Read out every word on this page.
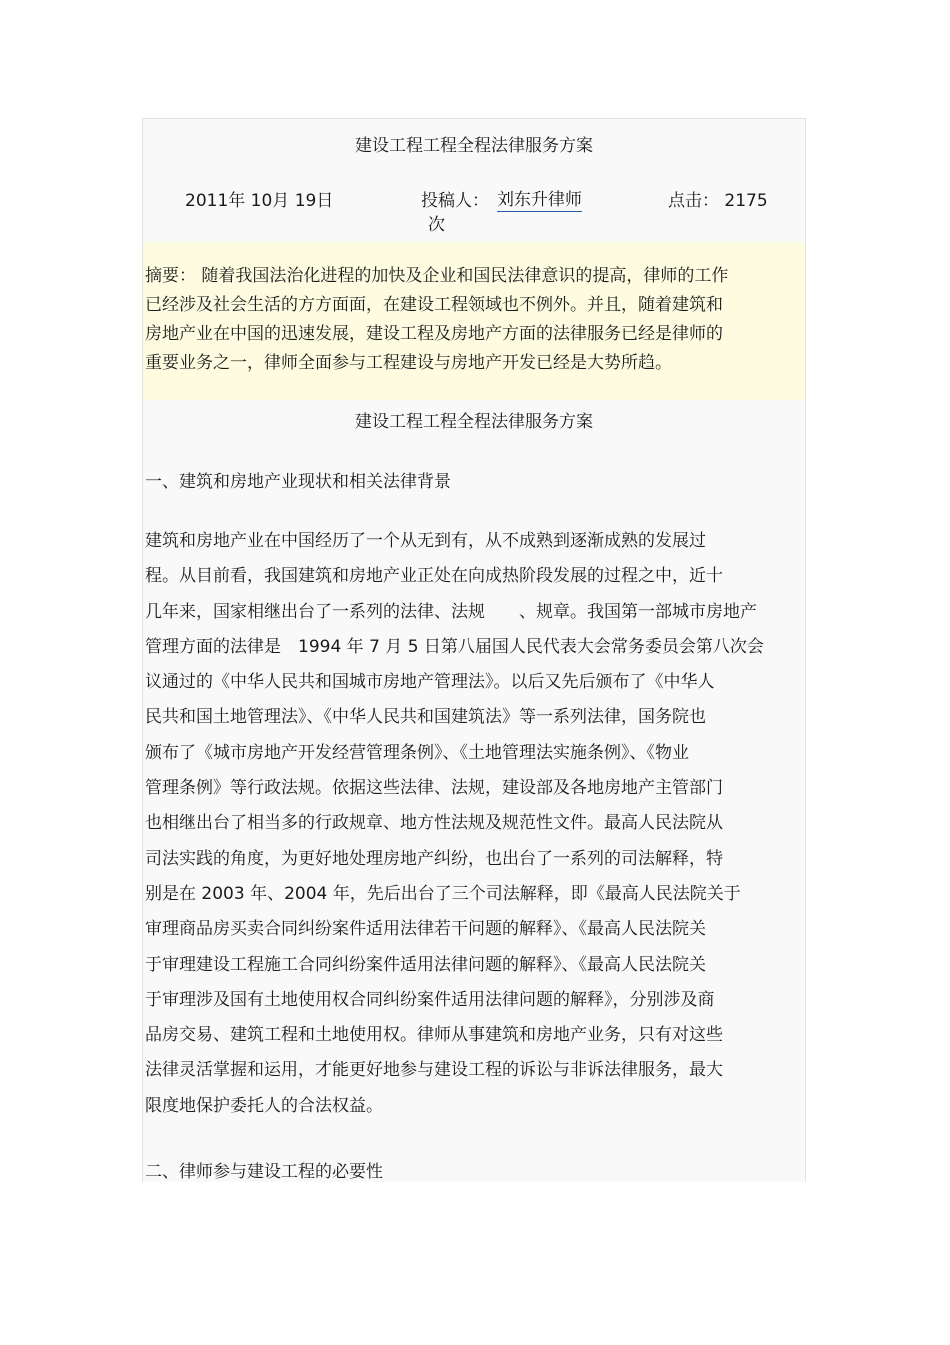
建设工程工程全程法律服务方案
2011年 10月 19日	投稿人： 刘东升律师	点击： 2175
次
摘要： 随着我国法治化进程的加快及企业和国民法律意识的提高，律师的工作
已经涉及社会生活的方方面面，在建设工程领域也不例外。并且，随着建筑和
房地产业在中国的迅速发展，建设工程及房地产方面的法律服务已经是律师的
重要业务之一，律师全面参与工程建设与房地产开发已经是大势所趋。
建设工程工程全程法律服务方案
一、建筑和房地产业现状和相关法律背景
建筑和房地产业在中国经历了一个从无到有，从不成熟到逐渐成熟的发展过
程。从目前看，我国建筑和房地产业正处在向成热阶段发展的过程之中，近十
几年来，国家相继出台了一系列的法律、法规　　、规章。我国第一部城市房地产
管理方面的法律是　1994 年 7 月 5 日第八届国人民代表大会常务委员会第八次会
议通过的《中华人民共和国城市房地产管理法》。以后又先后颁布了《中华人
民共和国土地管理法》、《中华人民共和国建筑法》等一系列法律，国务院也
颁布了《城市房地产开发经营管理条例》、《土地管理法实施条例》、《物业
管理条例》等行政法规。依据这些法律、法规，建设部及各地房地产主管部门
也相继出台了相当多的行政规章、地方性法规及规范性文件。最高人民法院从
司法实践的角度，为更好地处理房地产纠纷，也出台了一系列的司法解释，特
别是在 2003 年、2004 年，先后出台了三个司法解释，即《最高人民法院关于
审理商品房买卖合同纠纷案件适用法律若干问题的解释》、《最高人民法院关
于审理建设工程施工合同纠纷案件适用法律问题的解释》、《最高人民法院关
于审理涉及国有土地使用权合同纠纷案件适用法律问题的解释》，分别涉及商
品房交易、建筑工程和土地使用权。律师从事建筑和房地产业务，只有对这些
法律灵活掌握和运用，才能更好地参与建设工程的诉讼与非诉法律服务，最大
限度地保护委托人的合法权益。
二、律师参与建设工程的必要性
